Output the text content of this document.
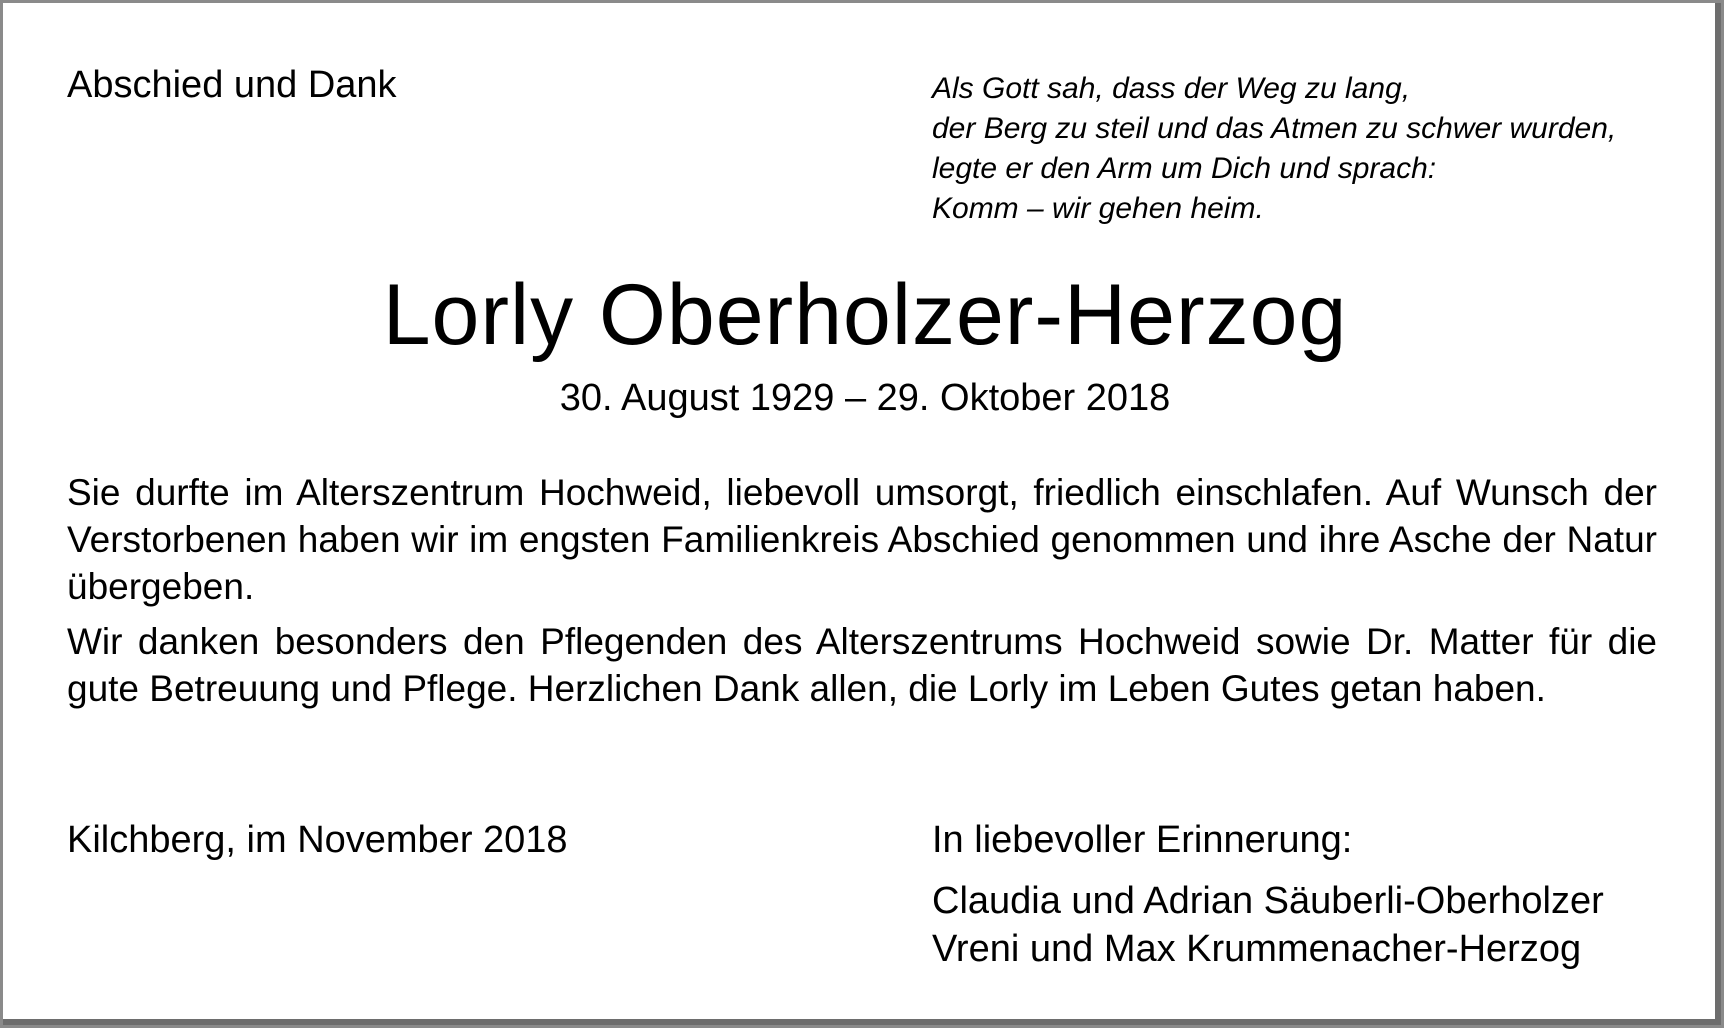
Abschied und Dank	Als Gott sah, dass der Weg zu lang,
der Berg zu steil und das Atmen zu schwer wurden,
legte er den Arm um Dich und sprach:
Komm – wir gehen heim.
Lorly Oberholzer-Herzog
30. August 1929 – 29. Oktober 2018

Sie durfte im Alterszentrum Hochweid, liebevoll umsorgt, friedlich einschlafen. Auf Wunsch der Verstorbenen haben wir im engsten Familienkreis Abschied genommen und ihre Asche der Natur übergeben.

Wir danken besonders den Pflegenden des Alterszentrums Hochweid sowie Dr. Matter für die gute Betreuung und Pflege. Herzlichen Dank allen, die Lorly im Leben Gutes getan haben.

Kilchberg, im November 2018	In liebevoller Erinnerung:
Claudia und Adrian Säuberli-Oberholzer
Vreni und Max Krummenacher-Herzog
